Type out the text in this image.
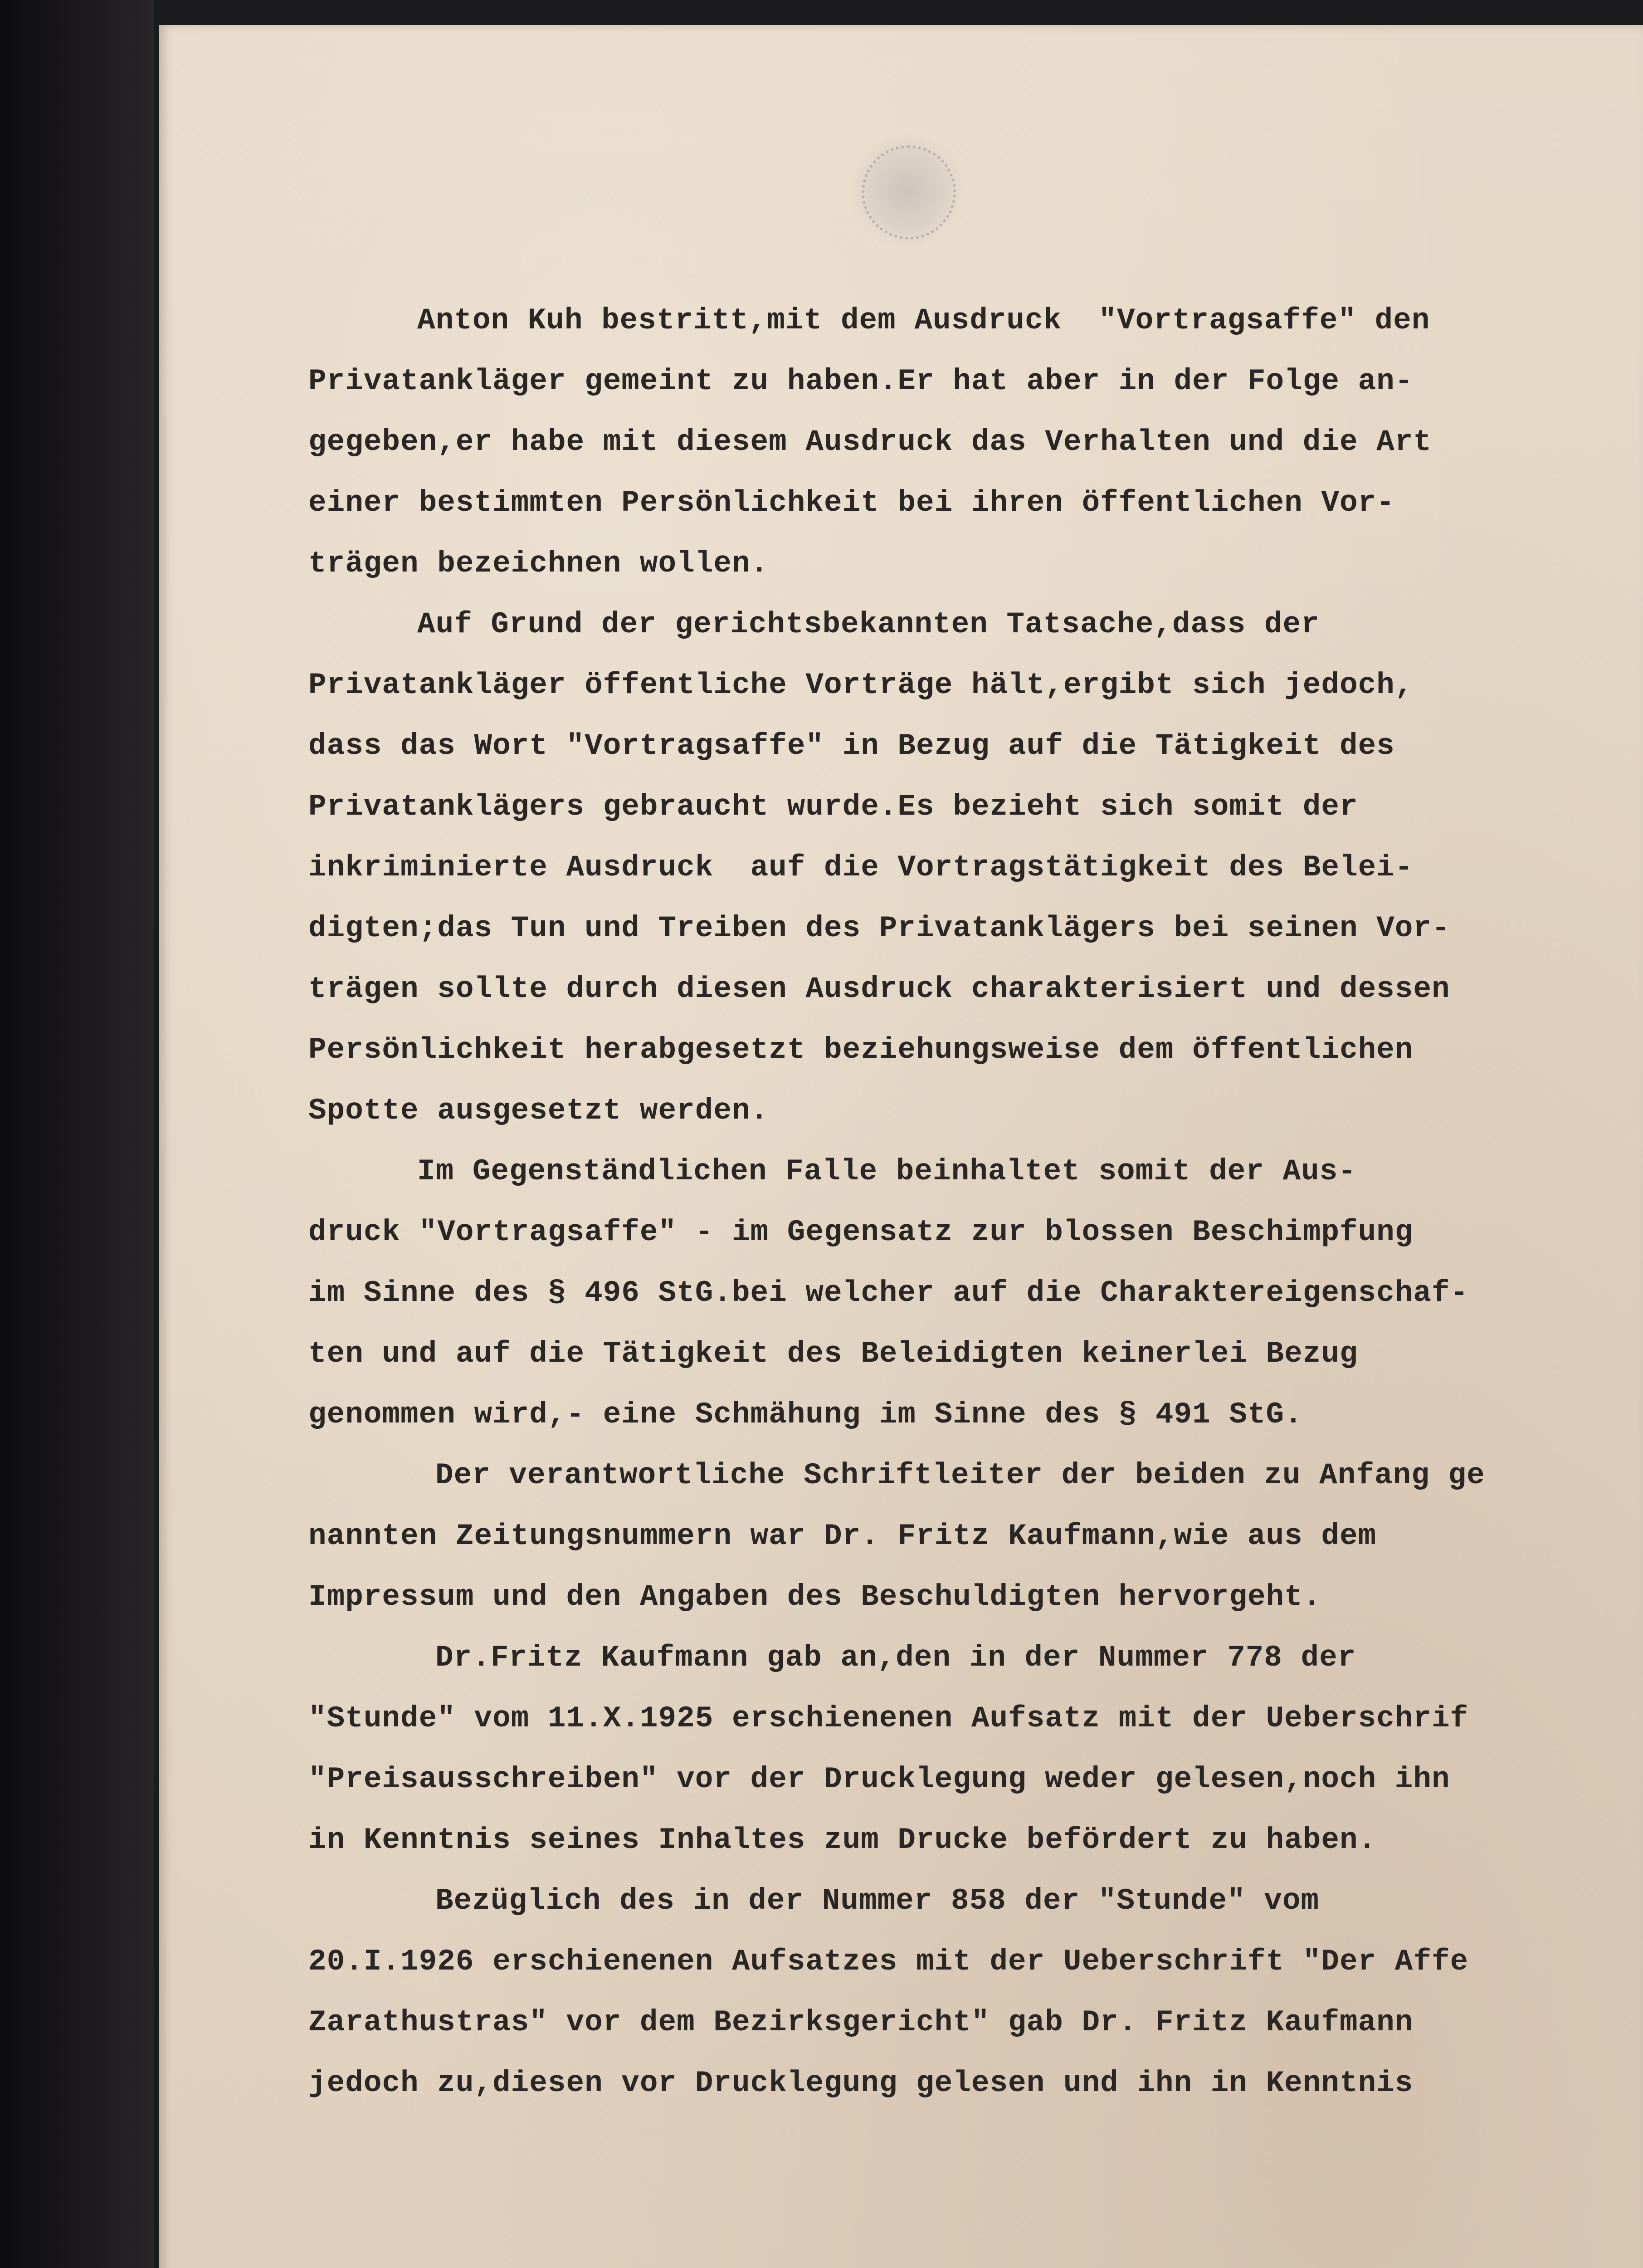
Anton Kuh bestritt,mit dem Ausdruck  "Vortragsaffe" den
Privatankläger gemeint zu haben.Er hat aber in der Folge an-
gegeben,er habe mit diesem Ausdruck das Verhalten und die Art
einer bestimmten Persönlichkeit bei ihren öffentlichen Vor-
trägen bezeichnen wollen.
Auf Grund der gerichtsbekannten Tatsache,dass der
Privatankläger öffentliche Vorträge hält,ergibt sich jedoch,
dass das Wort "Vortragsaffe" in Bezug auf die Tätigkeit des
Privatanklägers gebraucht wurde.Es bezieht sich somit der
inkriminierte Ausdruck  auf die Vortragstätigkeit des Belei-
digten;das Tun und Treiben des Privatanklägers bei seinen Vor-
trägen sollte durch diesen Ausdruck charakterisiert und dessen
Persönlichkeit herabgesetzt beziehungsweise dem öffentlichen
Spotte ausgesetzt werden.
Im Gegenständlichen Falle beinhaltet somit der Aus-
druck "Vortragsaffe" - im Gegensatz zur blossen Beschimpfung
im Sinne des § 496 StG.bei welcher auf die Charaktereigenschaf-
ten und auf die Tätigkeit des Beleidigten keinerlei Bezug
genommen wird,- eine Schmähung im Sinne des § 491 StG.
Der verantwortliche Schriftleiter der beiden zu Anfang ge
nannten Zeitungsnummern war Dr. Fritz Kaufmann,wie aus dem
Impressum und den Angaben des Beschuldigten hervorgeht.
Dr.Fritz Kaufmann gab an,den in der Nummer 778 der
"Stunde" vom 11.X.1925 erschienenen Aufsatz mit der Ueberschrif
"Preisausschreiben" vor der Drucklegung weder gelesen,noch ihn
in Kenntnis seines Inhaltes zum Drucke befördert zu haben.
Bezüglich des in der Nummer 858 der "Stunde" vom
20.I.1926 erschienenen Aufsatzes mit der Ueberschrift "Der Affe
Zarathustras" vor dem Bezirksgericht" gab Dr. Fritz Kaufmann
jedoch zu,diesen vor Drucklegung gelesen und ihn in Kenntnis
